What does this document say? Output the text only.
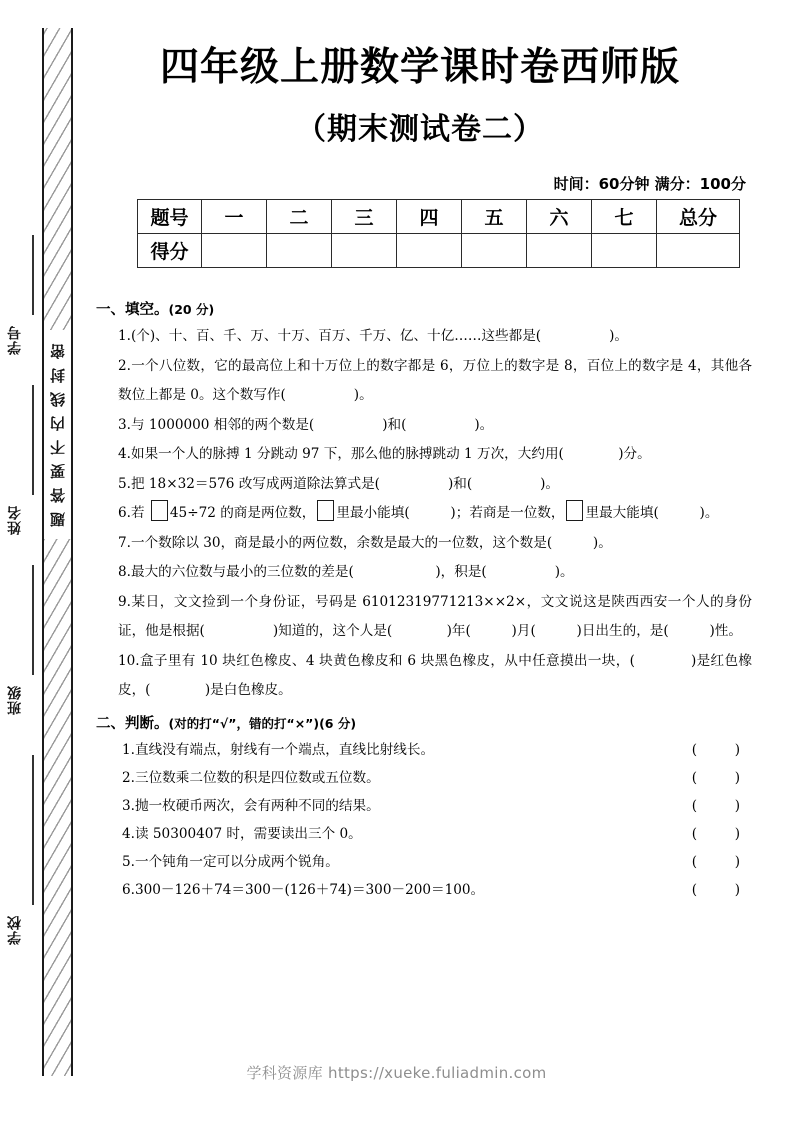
密
封
线
内
不
要
答
题
学号
姓名
班级
学校
四年级上册数学课时卷西师版
（期末测试卷二）
时间：60分钟 满分：100分
题号	一	二	三	四	五	六	七	总分
得分								
一、填空。(20 分)
1.(个)、十、百、千、万、十万、百万、千万、亿、十亿……这些都是(　　　　　)。
2.一个八位数，它的最高位上和十万位上的数字都是 6，万位上的数字是 8，百位上的数字是 4，其他各数位上都是 0。这个数写作(　　　　　)。
3.与 1000000 相邻的两个数是(　　　　　)和(　　　　　)。
4.如果一个人的脉搏 1 分跳动 97 下，那么他的脉搏跳动 1 万次，大约用(　　　　)分。
5.把 18×32＝576 改写成两道除法算式是(　　　　　)和(　　　　　)。
6.若 45÷72 的商是两位数， 里最小能填(　　　)；若商是一位数， 里最大能填(　　　)。
7.一个数除以 30，商是最小的两位数，余数是最大的一位数，这个数是(　　　)。
8.最大的六位数与最小的三位数的差是(　　　　　　)，积是(　　　　　)。
9.某日，文文捡到一个身份证，号码是 61012319771213××2×，文文说这是陕西西安一个人的身份证，他是根据(　　　　　)知道的，这个人是(　　　　)年(　　　)月(　　　)日出生的，是(　　　)性。
10.盒子里有 10 块红色橡皮、4 块黄色橡皮和 6 块黑色橡皮，从中任意摸出一块，(　　　　)是红色橡皮，(　　　　)是白色橡皮。
二、判断。(对的打“√”，错的打“×”)(6 分)
1.直线没有端点，射线有一个端点，直线比射线长。	(　)
2.三位数乘二位数的积是四位数或五位数。	(　)
3.抛一枚硬币两次，会有两种不同的结果。	(　)
4.读 50300407 时，需要读出三个 0。	(　)
5.一个钝角一定可以分成两个锐角。	(　)
6.300－126＋74＝300－(126＋74)＝300－200＝100。	(　)
学科资源库 https://xueke.fuliadmin.com
